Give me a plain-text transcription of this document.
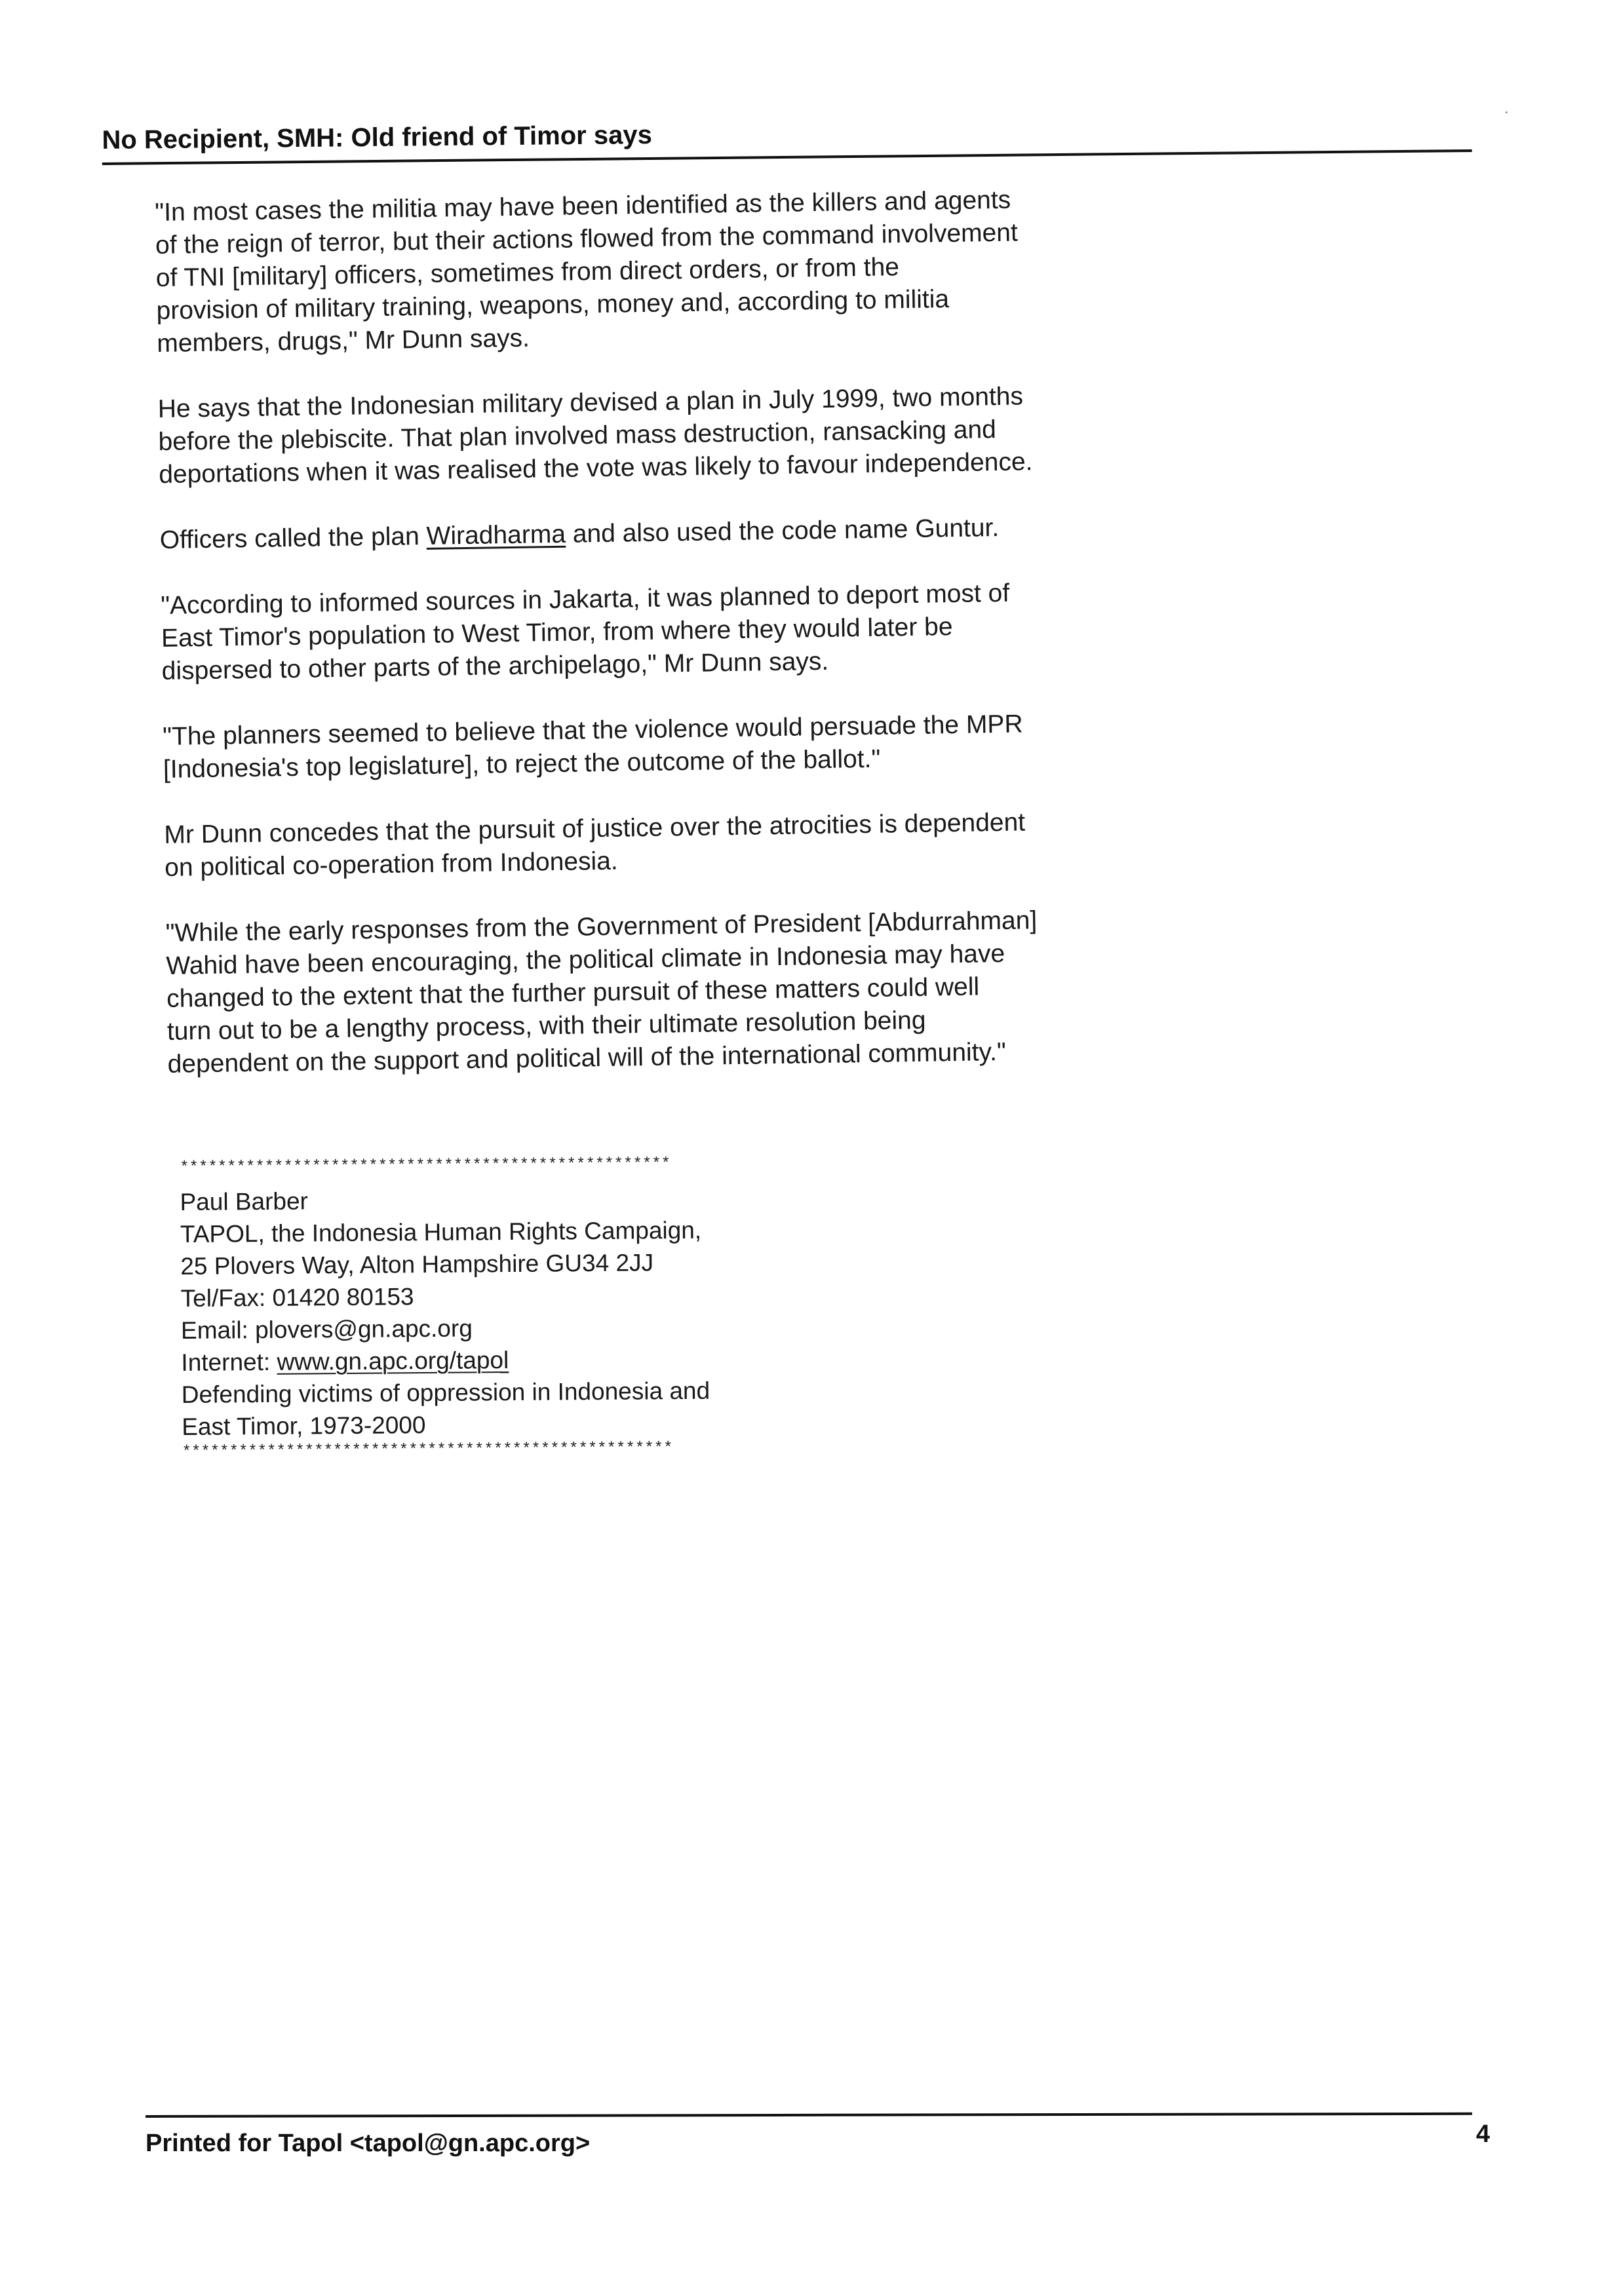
No Recipient, SMH: Old friend of Timor says

"In most cases the militia may have been identified as the killers and agents
of the reign of terror, but their actions flowed from the command involvement
of TNI [military] officers, sometimes from direct orders, or from the
provision of military training, weapons, money and, according to militia
members, drugs," Mr Dunn says.

He says that the Indonesian military devised a plan in July 1999, two months
before the plebiscite. That plan involved mass destruction, ransacking and
deportations when it was realised the vote was likely to favour independence.

Officers called the plan Wiradharma and also used the code name Guntur.

"According to informed sources in Jakarta, it was planned to deport most of
East Timor's population to West Timor, from where they would later be
dispersed to other parts of the archipelago," Mr Dunn says.

"The planners seemed to believe that the violence would persuade the MPR
[Indonesia's top legislature], to reject the outcome of the ballot."

Mr Dunn concedes that the pursuit of justice over the atrocities is dependent
on political co-operation from Indonesia.

"While the early responses from the Government of President [Abdurrahman]
Wahid have been encouraging, the political climate in Indonesia may have
changed to the extent that the further pursuit of these matters could well
turn out to be a lengthy process, with their ultimate resolution being
dependent on the support and political will of the international community."

****************************************************
Paul Barber
TAPOL, the Indonesia Human Rights Campaign,
25 Plovers Way, Alton Hampshire GU34 2JJ
Tel/Fax: 01420 80153
Email: plovers@gn.apc.org
Internet: www.gn.apc.org/tapol
Defending victims of oppression in Indonesia and
East Timor, 1973-2000
****************************************************
Printed for Tapol <tapol@gn.apc.org>	4
